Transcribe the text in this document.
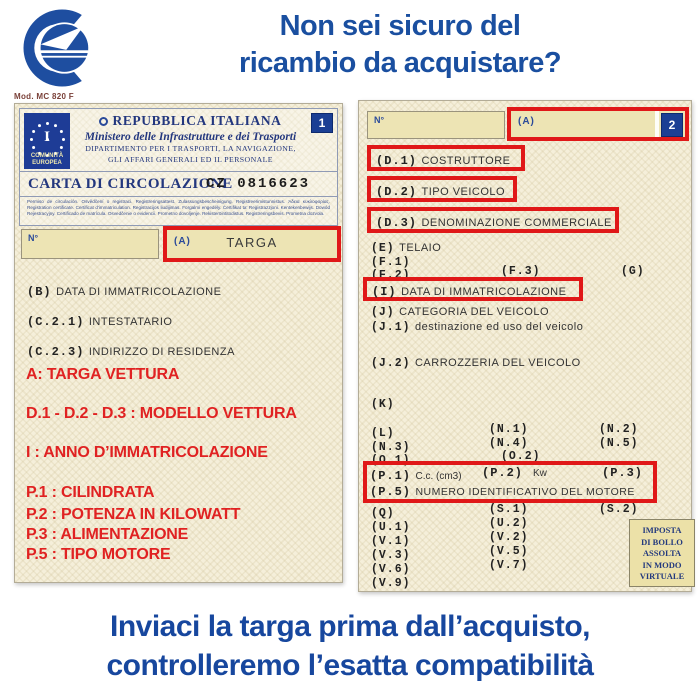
Non sei sicuro del
ricambio da acquistare?
Mod. MC 820 F
I
COMUNITÀ
EUROPEA
REPUBBLICA ITALIANA
Ministero delle Infrastrutture e dei Trasporti
DIPARTIMENTO PER I TRASPORTI, LA NAVIGAZIONE,
GLI AFFARI GENERALI ED IL PERSONALE
1
CARTA DI CIRCOLAZIONE
CZ 0816623
Permiso de circulación. Osvědčení o registraci. Registreringsattest. Zulassungsbescheinigung. Registreerimistunnistus. Άδεια κυκλοφορίας. Registration certificate. Certificat d'immatriculation. Registracijos liudijimas. Forgalmi engedély. Ċertifikat ta' Reġistrazzjoni. Kentekenbewijs. Dowód Rejestracyjny. Certificado de matrícula. Osvedčenie o evidencii. Prometno dovoljenje. Rekisteröintitodistus. Registreringsbevis. Prometna dozvola.
N°	(A)	TARGA
(B) DATA DI IMMATRICOLAZIONE
(C.2.1) INTESTATARIO
(C.2.3) INDIRIZZO DI RESIDENZA
A: TARGA VETTURA
D.1 - D.2 - D.3 : MODELLO VETTURA
I : ANNO D’IMMATRICOLAZIONE
P.1 : CILINDRATA
P.2 : POTENZA IN KILOWATT
P.3 : ALIMENTAZIONE
P.5 : TIPO MOTORE
N°	(A)	2
(D.1) COSTRUTTORE
(D.2) TIPO VEICOLO
(D.3) DENOMINAZIONE COMMERCIALE
(E) TELAIO
(F.1)
(F.2)	(F.3)	(G)
(I) DATA DI IMMATRICOLAZIONE
(J) CATEGORIA DEL VEICOLO
(J.1) destinazione ed uso del veicolo
(J.2) CARROZZERIA DEL VEICOLO
(K)
(L)	(N.1)	(N.2)
(N.3)	(N.4)	(N.5)
(O.1)	(O.2)
(P.1) C.c. (cm3) (P.2) Kw	(P.3)
(P.5) NUMERO IDENTIFICATIVO DEL MOTORE
(Q)	(S.1)	(S.2)
(U.1)	(U.2)
(V.1)	(V.2)
(V.3)	(V.5)
(V.6)	(V.7)
(V.9)
IMPOSTA
DI BOLLO
ASSOLTA
IN MODO
VIRTUALE
Inviaci la targa prima dall’acquisto,
controlleremo l’esatta compatibilità
